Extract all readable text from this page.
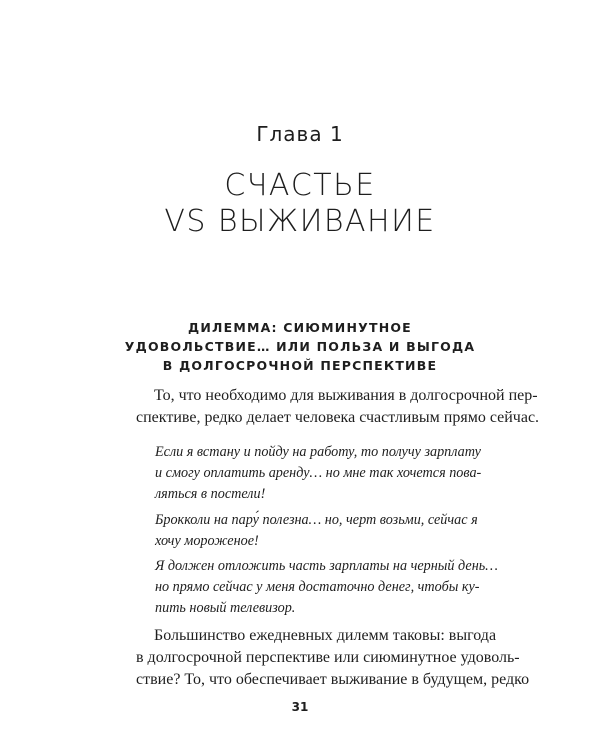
Глава 1
СЧАСТЬЕ
VS ВЫЖИВАНИЕ
ДИЛЕММА: СИЮМИНУТНОЕ
УДОВОЛЬСТВИЕ… ИЛИ ПОЛЬЗА И ВЫГОДА
В ДОЛГОСРОЧНОЙ ПЕРСПЕКТИВЕ
То, что необходимо для выживания в долгосрочной пер-
спективе, редко делает человека счастливым прямо сейчас.
Если я встану и пойду на работу, то получу зарплату
и смогу оплатить аренду… но мне так хочется пова-
ляться в постели!
Брокколи на пару́ полезна… но, черт возьми, сейчас я
хочу мороженое!
Я должен отложить часть зарплаты на черный день…
но прямо сейчас у меня достаточно денег, чтобы ку-
пить новый телевизор.
Большинство ежедневных дилемм таковы: выгода
в долгосрочной перспективе или сиюминутное удоволь-
ствие? То, что обеспечивает выживание в будущем, редко
31
